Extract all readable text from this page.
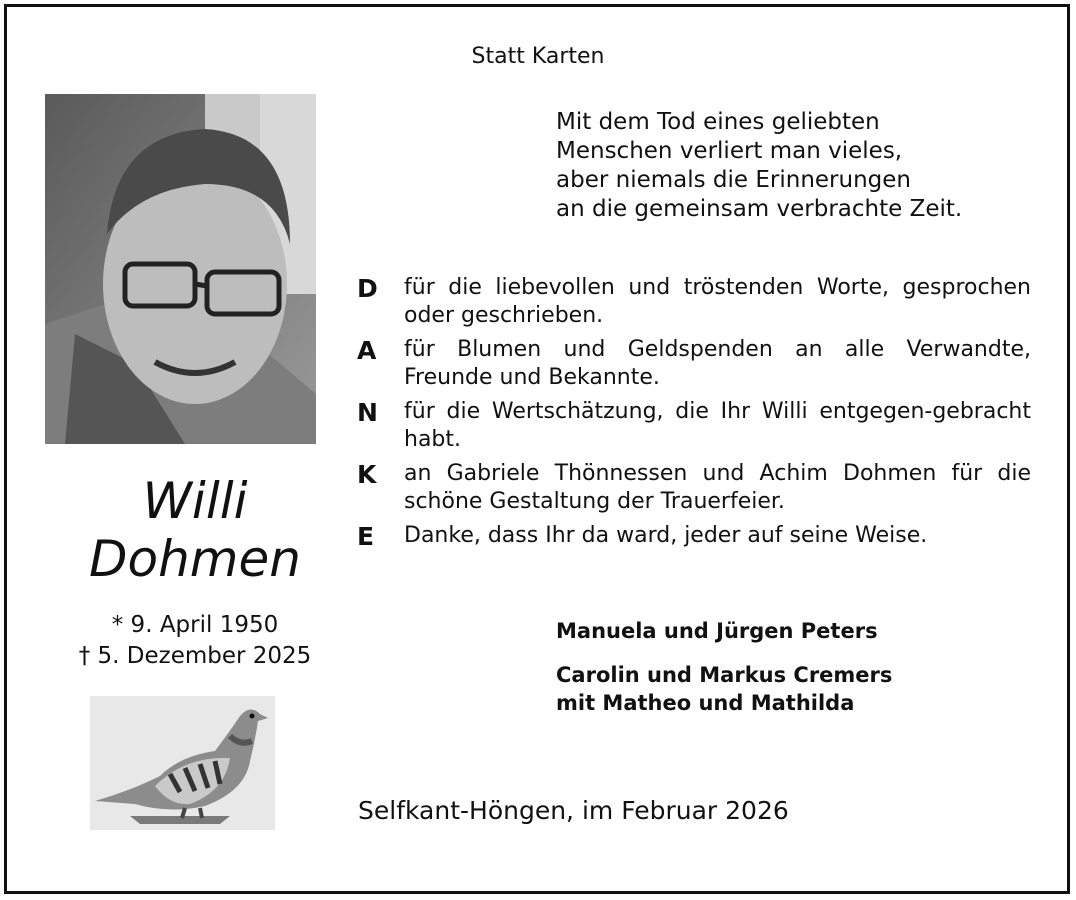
Statt Karten
Mit dem Tod eines geliebten
Menschen verliert man vieles,
aber niemals die Erinnerungen
an die gemeinsam verbrachte Zeit.
D	für die liebevollen und tröstenden Worte, gesprochen oder geschrieben.
A	für Blumen und Geldspenden an alle Verwandte, Freunde und Bekannte.
N	für die Wertschätzung, die Ihr Willi entgegen-gebracht habt.
K	an Gabriele Thönnessen und Achim Dohmen für die schöne Gestaltung der Trauerfeier.
E	Danke, dass Ihr da ward, jeder auf seine Weise.
Willi
Dohmen
* 9. April 1950
† 5. Dezember 2025
Manuela und Jürgen Peters
Carolin und Markus Cremers
mit Matheo und Mathilda
Selfkant-Höngen, im Februar 2026
